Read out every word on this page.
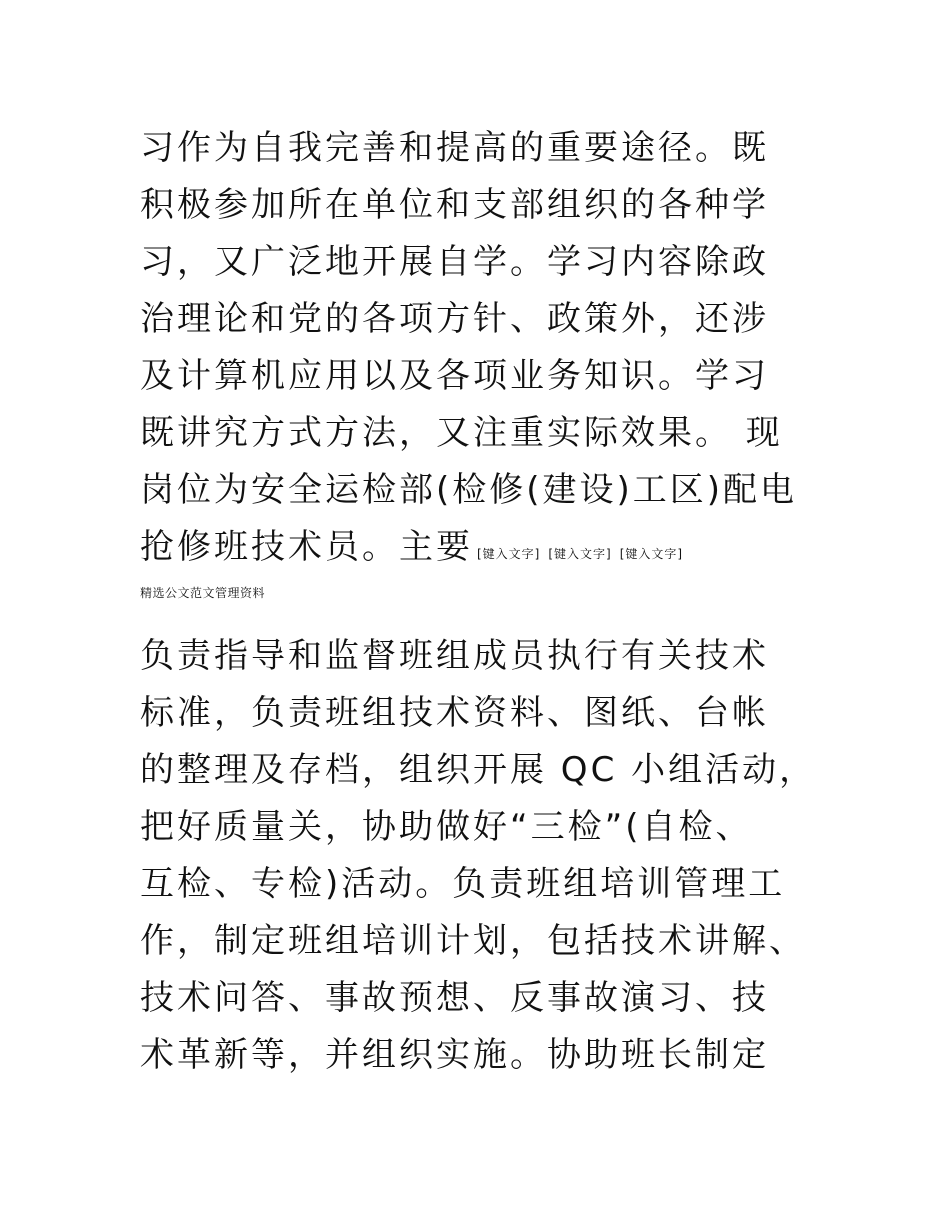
习作为自我完善和提高的重要途径。既
积极参加所在单位和支部组织的各种学
习，又广泛地开展自学。学习内容除政
治理论和党的各项方针、政策外，还涉
及计算机应用以及各项业务知识。学习
既讲究方式方法，又注重实际效果。 现
岗位为安全运检部(检修(建设)工区)配电
抢修班技术员。主要 [键入文字] [键入文字] [键入文字]
精选公文范文管理资料
负责指导和监督班组成员执行有关技术
标准，负责班组技术资料、图纸、台帐
的整理及存档，组织开展 QC 小组活动，
把好质量关，协助做好“三检”(自检、
互检、专检)活动。负责班组培训管理工
作，制定班组培训计划，包括技术讲解、
技术问答、事故预想、反事故演习、技
术革新等，并组织实施。协助班长制定
